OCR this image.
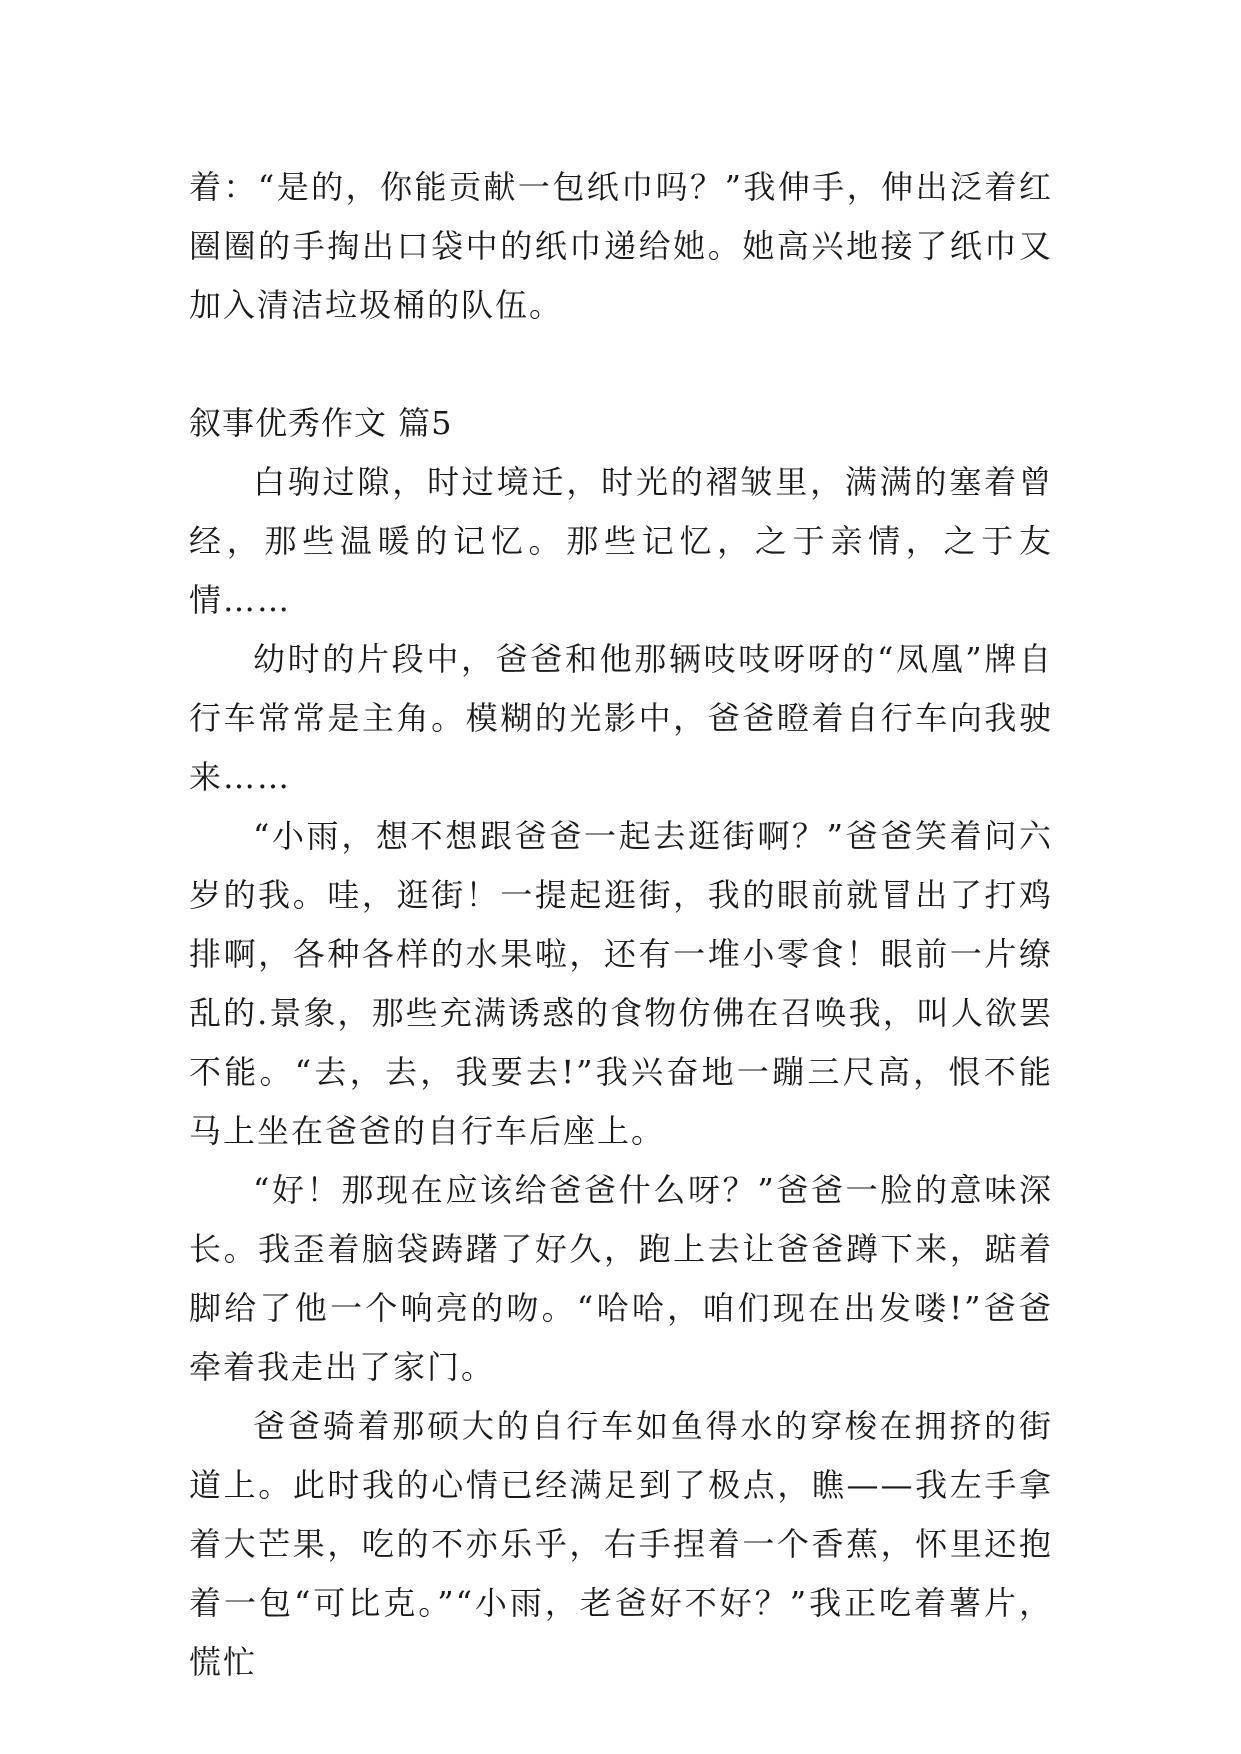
着：“是的，你能贡献一包纸巾吗？”我伸手，伸出泛着红圈圈的手掏出口袋中的纸巾递给她。她高兴地接了纸巾又加入清洁垃圾桶的队伍。

叙事优秀作文 篇5

白驹过隙，时过境迁，时光的褶皱里，满满的塞着曾经，那些温暖的记忆。那些记忆，之于亲情，之于友情……

幼时的片段中，爸爸和他那辆吱吱呀呀的“凤凰”牌自行车常常是主角。模糊的光影中，爸爸瞪着自行车向我驶来……

“小雨，想不想跟爸爸一起去逛街啊？”爸爸笑着问六岁的我。哇，逛街！一提起逛街，我的眼前就冒出了打鸡排啊，各种各样的水果啦，还有一堆小零食！眼前一片缭乱的.景象，那些充满诱惑的食物仿佛在召唤我，叫人欲罢不能。“去，去，我要去!”我兴奋地一蹦三尺高，恨不能马上坐在爸爸的自行车后座上。

“好！那现在应该给爸爸什么呀？”爸爸一脸的意味深长。我歪着脑袋踌躇了好久，跑上去让爸爸蹲下来，踮着脚给了他一个响亮的吻。“哈哈，咱们现在出发喽!”爸爸牵着我走出了家门。

爸爸骑着那硕大的自行车如鱼得水的穿梭在拥挤的街道上。此时我的心情已经满足到了极点，瞧——我左手拿着大芒果，吃的不亦乐乎，右手捏着一个香蕉，怀里还抱着一包“可比克。”“小雨，老爸好不好？”我正吃着薯片，慌忙
